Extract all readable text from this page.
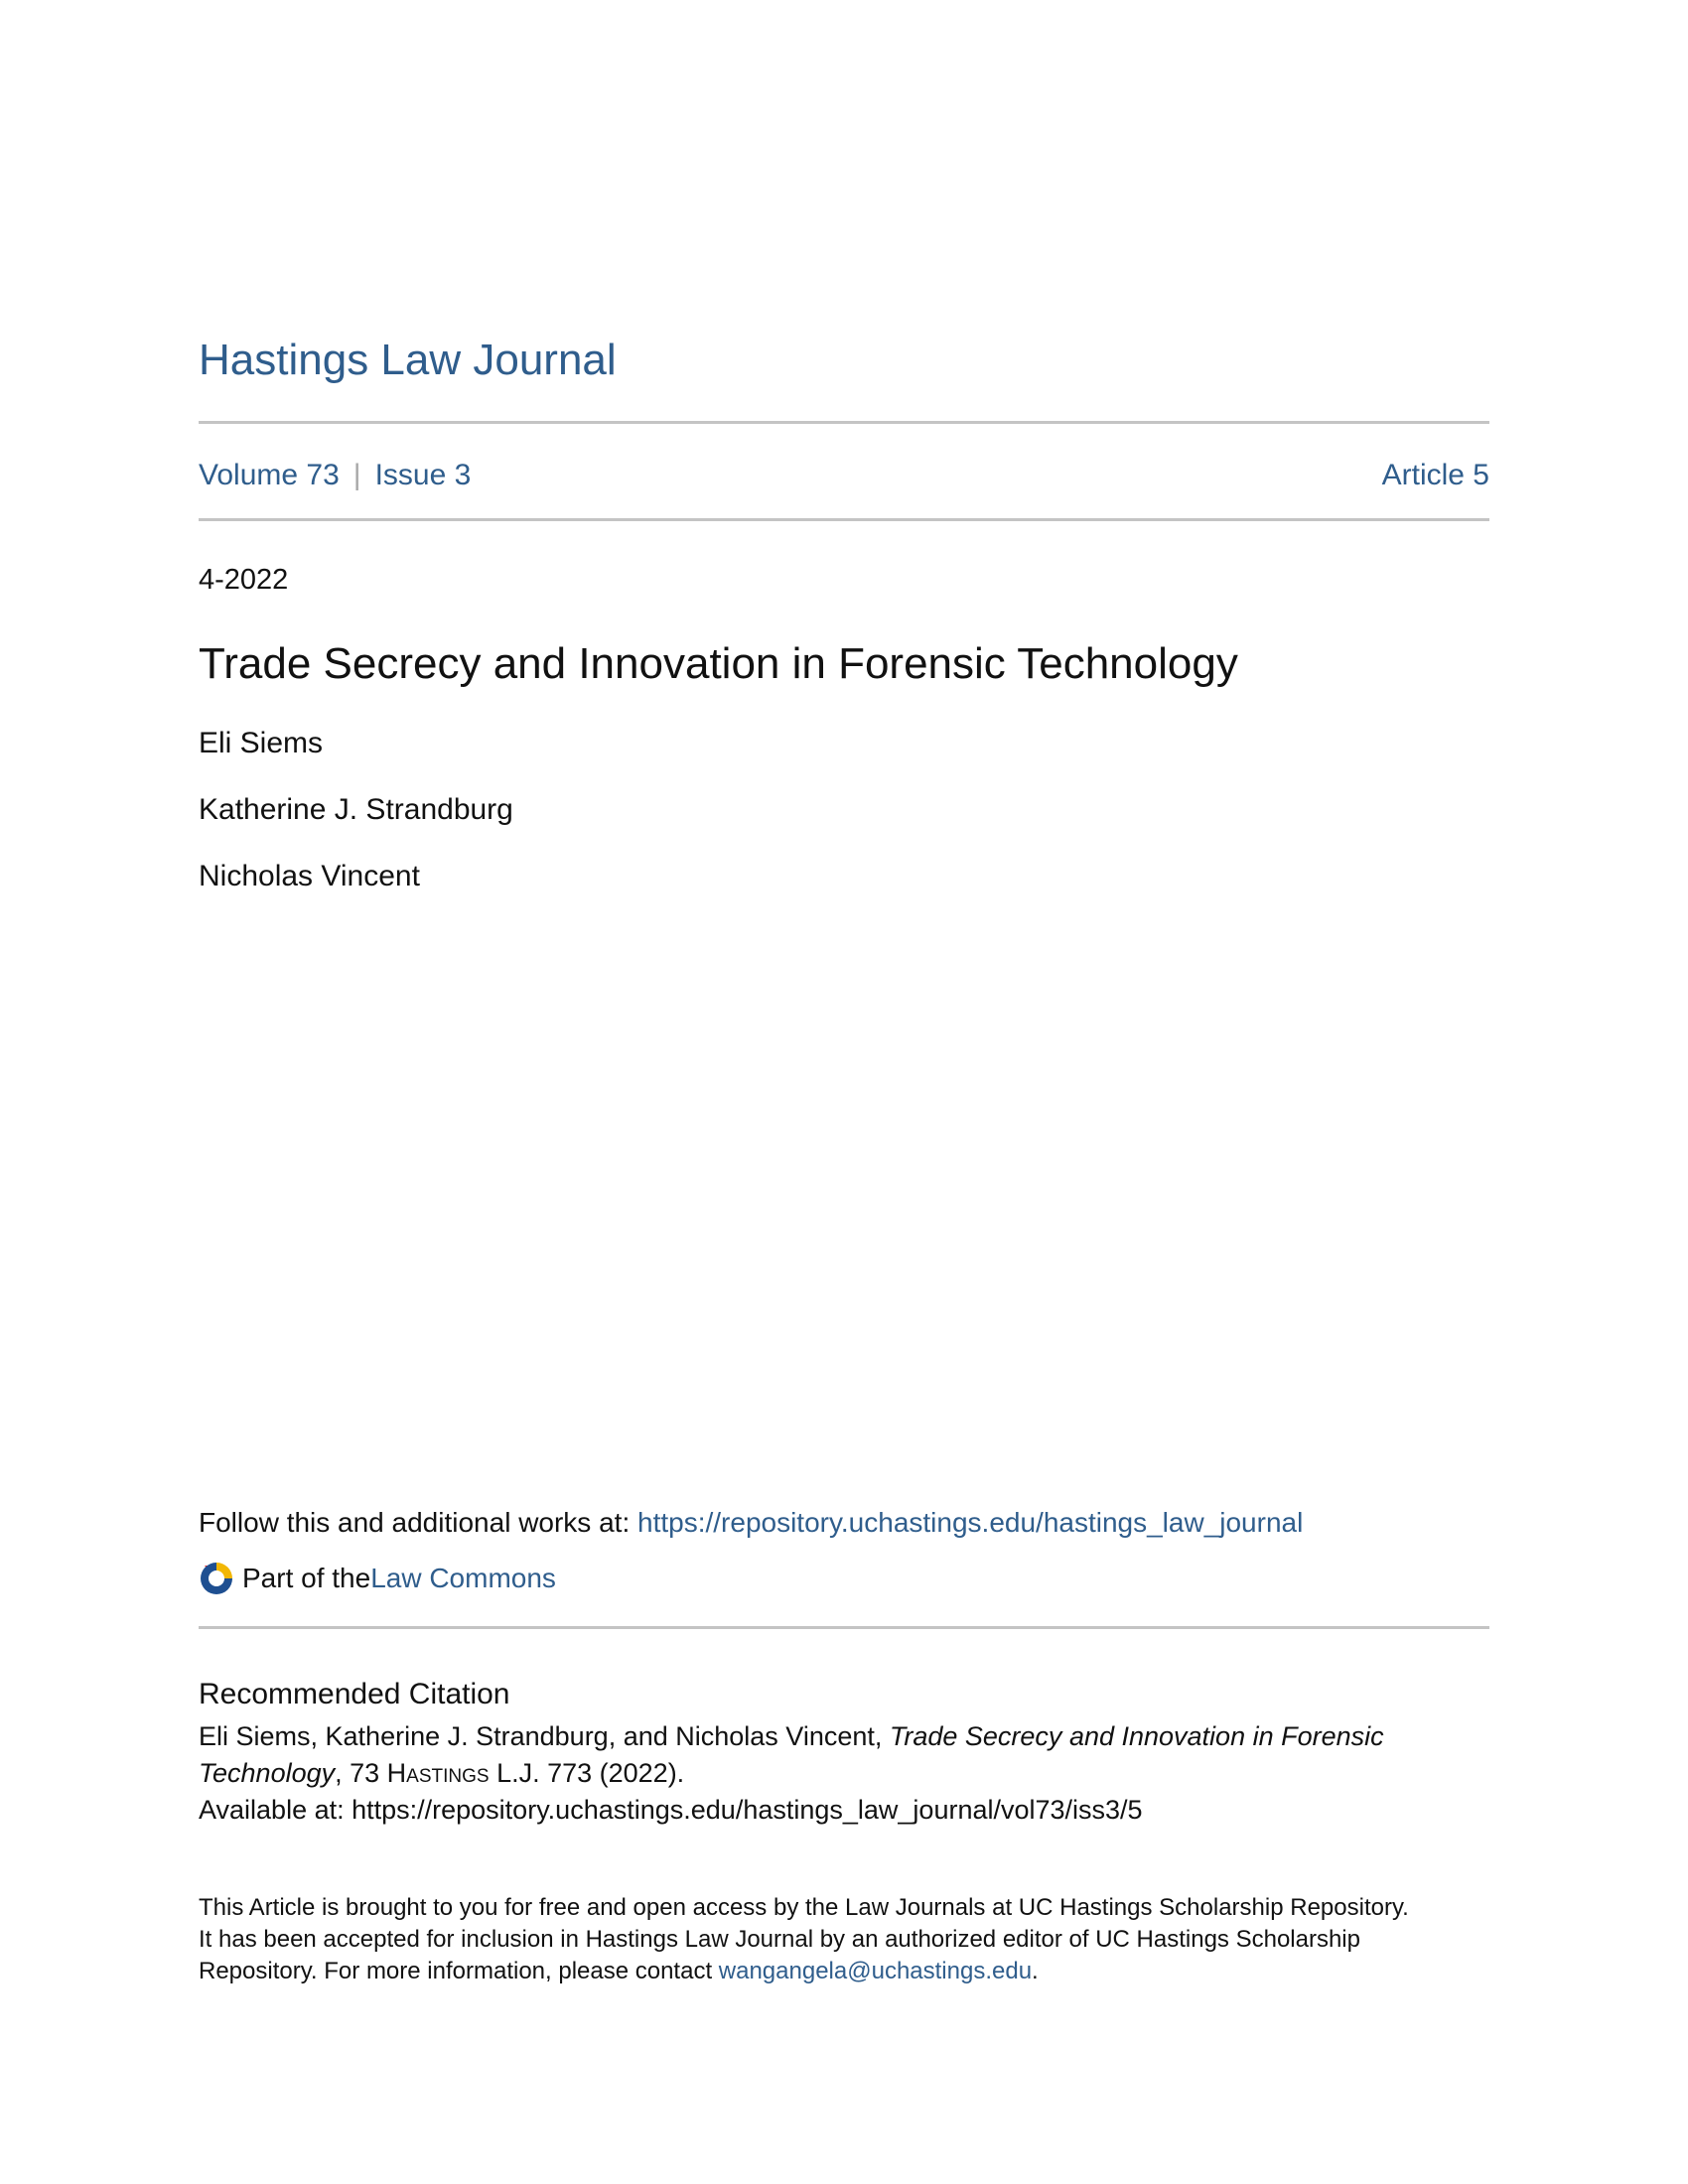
Hastings Law Journal
Volume 73 | Issue 3	Article 5
4-2022
Trade Secrecy and Innovation in Forensic Technology
Eli Siems
Katherine J. Strandburg
Nicholas Vincent
Follow this and additional works at: https://repository.uchastings.edu/hastings_law_journal
Part of the Law Commons
Recommended Citation
Eli Siems, Katherine J. Strandburg, and Nicholas Vincent, Trade Secrecy and Innovation in Forensic
Technology, 73 Hastings L.J. 773 (2022).
Available at: https://repository.uchastings.edu/hastings_law_journal/vol73/iss3/5
This Article is brought to you for free and open access by the Law Journals at UC Hastings Scholarship Repository.
It has been accepted for inclusion in Hastings Law Journal by an authorized editor of UC Hastings Scholarship
Repository. For more information, please contact wangangela@uchastings.edu.
